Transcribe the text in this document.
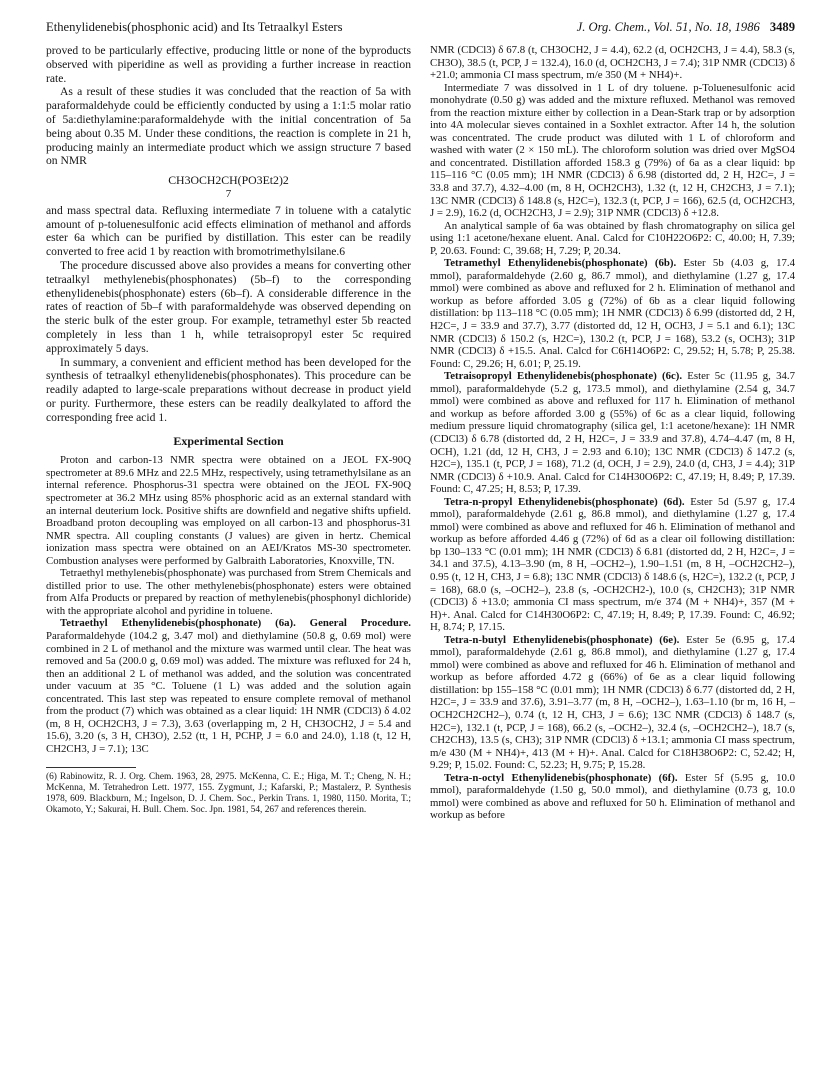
Ethenylidenebis(phosphonic acid) and Its Tetraalkyl Esters	J. Org. Chem., Vol. 51, No. 18, 1986 3489

proved to be particularly effective, producing little or none of the byproducts observed with piperidine as well as providing a further increase in reaction rate.

As a result of these studies it was concluded that the reaction of 5a with paraformaldehyde could be efficiently conducted by using a 1:1:5 molar ratio of 5a:diethylamine:paraformaldehyde with the initial concentration of 5a being about 0.35 M. Under these conditions, the reaction is complete in 21 h, producing mainly an intermediate product which we assign structure 7 based on NMR

CH3OCH2CH(PO3Et2)2
7

and mass spectral data. Refluxing intermediate 7 in toluene with a catalytic amount of p-toluenesulfonic acid effects elimination of methanol and affords ester 6a which can be purified by distillation. This ester can be readily converted to free acid 1 by reaction with bromotrimethylsilane.6

The procedure discussed above also provides a means for converting other tetraalkyl methylenebis(phosphonates) (5b–f) to the corresponding ethenylidenebis(phosphonate) esters (6b–f). A considerable difference in the rates of reaction of 5b–f with paraformaldehyde was observed depending on the steric bulk of the ester group. For example, tetramethyl ester 5b reacted completely in less than 1 h, while tetraisopropyl ester 5c required approximately 5 days.

In summary, a convenient and efficient method has been developed for the synthesis of tetraalkyl ethenylidenebis(phosphonates). This procedure can be readily adapted to large-scale preparations without decrease in product yield or purity. Furthermore, these esters can be readily dealkylated to afford the corresponding free acid 1.

Experimental Section

Proton and carbon-13 NMR spectra were obtained on a JEOL FX-90Q spectrometer at 89.6 MHz and 22.5 MHz, respectively, using tetramethylsilane as an internal reference. Phosphorus-31 spectra were obtained on the JEOL FX-90Q spectrometer at 36.2 MHz using 85% phosphoric acid as an external standard with an internal deuterium lock. Positive shifts are downfield and negative shifts upfield. Broadband proton decoupling was employed on all carbon-13 and phosphorus-31 NMR spectra. All coupling constants (J values) are given in hertz. Chemical ionization mass spectra were obtained on an AEI/Kratos MS-30 spectrometer. Combustion analyses were performed by Galbraith Laboratories, Knoxville, TN.

Tetraethyl methylenebis(phosphonate) was purchased from Strem Chemicals and distilled prior to use. The other methylenebis(phosphonate) esters were obtained from Alfa Products or prepared by reaction of methylenebis(phosphonyl dichloride) with the appropriate alcohol and pyridine in toluene.

Tetraethyl Ethenylidenebis(phosphonate) (6a). General Procedure. Paraformaldehyde (104.2 g, 3.47 mol) and diethylamine (50.8 g, 0.69 mol) were combined in 2 L of methanol and the mixture was warmed until clear. The heat was removed and 5a (200.0 g, 0.69 mol) was added. The mixture was refluxed for 24 h, then an additional 2 L of methanol was added, and the solution was concentrated under vacuum at 35 °C. Toluene (1 L) was added and the solution again concentrated. This last step was repeated to ensure complete removal of methanol from the product (7) which was obtained as a clear liquid: 1H NMR (CDCl3) δ 4.02 (m, 8 H, OCH2CH3, J = 7.3), 3.63 (overlapping m, 2 H, CH3OCH2, J = 5.4 and 15.6), 3.20 (s, 3 H, CH3O), 2.52 (tt, 1 H, PCHP, J = 6.0 and 24.0), 1.18 (t, 12 H, CH2CH3, J = 7.1); 13C

(6) Rabinowitz, R. J. Org. Chem. 1963, 28, 2975. McKenna, C. E.; Higa, M. T.; Cheng, N. H.; McKenna, M. Tetrahedron Lett. 1977, 155. Zygmunt, J.; Kafarski, P.; Mastalerz, P. Synthesis 1978, 609. Blackburn, M.; Ingelson, D. J. Chem. Soc., Perkin Trans. 1, 1980, 1150. Morita, T.; Okamoto, Y.; Sakurai, H. Bull. Chem. Soc. Jpn. 1981, 54, 267 and references therein.

NMR (CDCl3) δ 67.8 (t, CH3OCH2, J = 4.4), 62.2 (d, OCH2CH3, J = 4.4), 58.3 (s, CH3O), 38.5 (t, PCP, J = 132.4), 16.0 (d, OCH2CH3, J = 7.4); 31P NMR (CDCl3) δ +21.0; ammonia CI mass spectrum, m/e 350 (M + NH4)+.

Intermediate 7 was dissolved in 1 L of dry toluene. p-Toluenesulfonic acid monohydrate (0.50 g) was added and the mixture refluxed. Methanol was removed from the reaction mixture either by collection in a Dean-Stark trap or by adsorption into 4A molecular sieves contained in a Soxhlet extractor. After 14 h, the solution was concentrated. The crude product was diluted with 1 L of chloroform and washed with water (2 × 150 mL). The chloroform solution was dried over MgSO4 and concentrated. Distillation afforded 158.3 g (79%) of 6a as a clear liquid: bp 115–116 °C (0.05 mm); 1H NMR (CDCl3) δ 6.98 (distorted dd, 2 H, H2C=, J = 33.8 and 37.7), 4.32–4.00 (m, 8 H, OCH2CH3), 1.32 (t, 12 H, CH2CH3, J = 7.1); 13C NMR (CDCl3) δ 148.8 (s, H2C=), 132.3 (t, PCP, J = 166), 62.5 (d, OCH2CH3, J = 2.9), 16.2 (d, OCH2CH3, J = 2.9); 31P NMR (CDCl3) δ +12.8.

An analytical sample of 6a was obtained by flash chromatography on silica gel using 1:1 acetone/hexane eluent. Anal. Calcd for C10H22O6P2: C, 40.00; H, 7.39; P, 20.63. Found: C, 39.68; H, 7.29; P, 20.34.

Tetramethyl Ethenylidenebis(phosphonate) (6b). Ester 5b (4.03 g, 17.4 mmol), paraformaldehyde (2.60 g, 86.7 mmol), and diethylamine (1.27 g, 17.4 mmol) were combined as above and refluxed for 2 h. Elimination of methanol and workup as before afforded 3.05 g (72%) of 6b as a clear liquid following distillation: bp 113–118 °C (0.05 mm); 1H NMR (CDCl3) δ 6.99 (distorted dd, 2 H, H2C=, J = 33.9 and 37.7), 3.77 (distorted dd, 12 H, OCH3, J = 5.1 and 6.1); 13C NMR (CDCl3) δ 150.2 (s, H2C=), 130.2 (t, PCP, J = 168), 53.2 (s, OCH3); 31P NMR (CDCl3) δ +15.5. Anal. Calcd for C6H14O6P2: C, 29.52; H, 5.78; P, 25.38. Found: C, 29.26; H, 6.01; P, 25.19.

Tetraisopropyl Ethenylidenebis(phosphonate) (6c). Ester 5c (11.95 g, 34.7 mmol), paraformaldehyde (5.2 g, 173.5 mmol), and diethylamine (2.54 g, 34.7 mmol) were combined as above and refluxed for 117 h. Elimination of methanol and workup as before afforded 3.00 g (55%) of 6c as a clear liquid, following medium pressure liquid chromatography (silica gel, 1:1 acetone/hexane): 1H NMR (CDCl3) δ 6.78 (distorted dd, 2 H, H2C=, J = 33.9 and 37.8), 4.74–4.47 (m, 8 H, OCH), 1.21 (dd, 12 H, CH3, J = 2.93 and 6.10); 13C NMR (CDCl3) δ 147.2 (s, H2C=), 135.1 (t, PCP, J = 168), 71.2 (d, OCH, J = 2.9), 24.0 (d, CH3, J = 4.4); 31P NMR (CDCl3) δ +10.9. Anal. Calcd for C14H30O6P2: C, 47.19; H, 8.49; P, 17.39. Found: C, 47.25; H, 8.53; P, 17.39.

Tetra-n-propyl Ethenylidenebis(phosphonate) (6d). Ester 5d (5.97 g, 17.4 mmol), paraformaldehyde (2.61 g, 86.8 mmol), and diethylamine (1.27 g, 17.4 mmol) were combined as above and refluxed for 46 h. Elimination of methanol and workup as before afforded 4.46 g (72%) of 6d as a clear oil following distillation: bp 130–133 °C (0.01 mm); 1H NMR (CDCl3) δ 6.81 (distorted dd, 2 H, H2C=, J = 34.1 and 37.5), 4.13–3.90 (m, 8 H, –OCH2–), 1.90–1.51 (m, 8 H, –OCH2CH2–), 0.95 (t, 12 H, CH3, J = 6.8); 13C NMR (CDCl3) δ 148.6 (s, H2C=), 132.2 (t, PCP, J = 168), 68.0 (s, –OCH2–), 23.8 (s, -OCH2CH2-), 10.0 (s, CH2CH3); 31P NMR (CDCl3) δ +13.0; ammonia CI mass spectrum, m/e 374 (M + NH4)+, 357 (M + H)+. Anal. Calcd for C14H30O6P2: C, 47.19; H, 8.49; P, 17.39. Found: C, 46.92; H, 8.74; P, 17.15.

Tetra-n-butyl Ethenylidenebis(phosphonate) (6e). Ester 5e (6.95 g, 17.4 mmol), paraformaldehyde (2.61 g, 86.8 mmol), and diethylamine (1.27 g, 17.4 mmol) were combined as above and refluxed for 46 h. Elimination of methanol and workup as before afforded 4.72 g (66%) of 6e as a clear liquid following distillation: bp 155–158 °C (0.01 mm); 1H NMR (CDCl3) δ 6.77 (distorted dd, 2 H, H2C=, J = 33.9 and 37.6), 3.91–3.77 (m, 8 H, –OCH2–), 1.63–1.10 (br m, 16 H, –OCH2CH2CH2–), 0.74 (t, 12 H, CH3, J = 6.6); 13C NMR (CDCl3) δ 148.7 (s, H2C=), 132.1 (t, PCP, J = 168), 66.2 (s, –OCH2–), 32.4 (s, –OCH2CH2–), 18.7 (s, CH2CH3), 13.5 (s, CH3); 31P NMR (CDCl3) δ +13.1; ammonia CI mass spectrum, m/e 430 (M + NH4)+, 413 (M + H)+. Anal. Calcd for C18H38O6P2: C, 52.42; H, 9.29; P, 15.02. Found: C, 52.23; H, 9.75; P, 15.28.

Tetra-n-octyl Ethenylidenebis(phosphonate) (6f). Ester 5f (5.95 g, 10.0 mmol), paraformaldehyde (1.50 g, 50.0 mmol), and diethylamine (0.73 g, 10.0 mmol) were combined as above and refluxed for 50 h. Elimination of methanol and workup as before
